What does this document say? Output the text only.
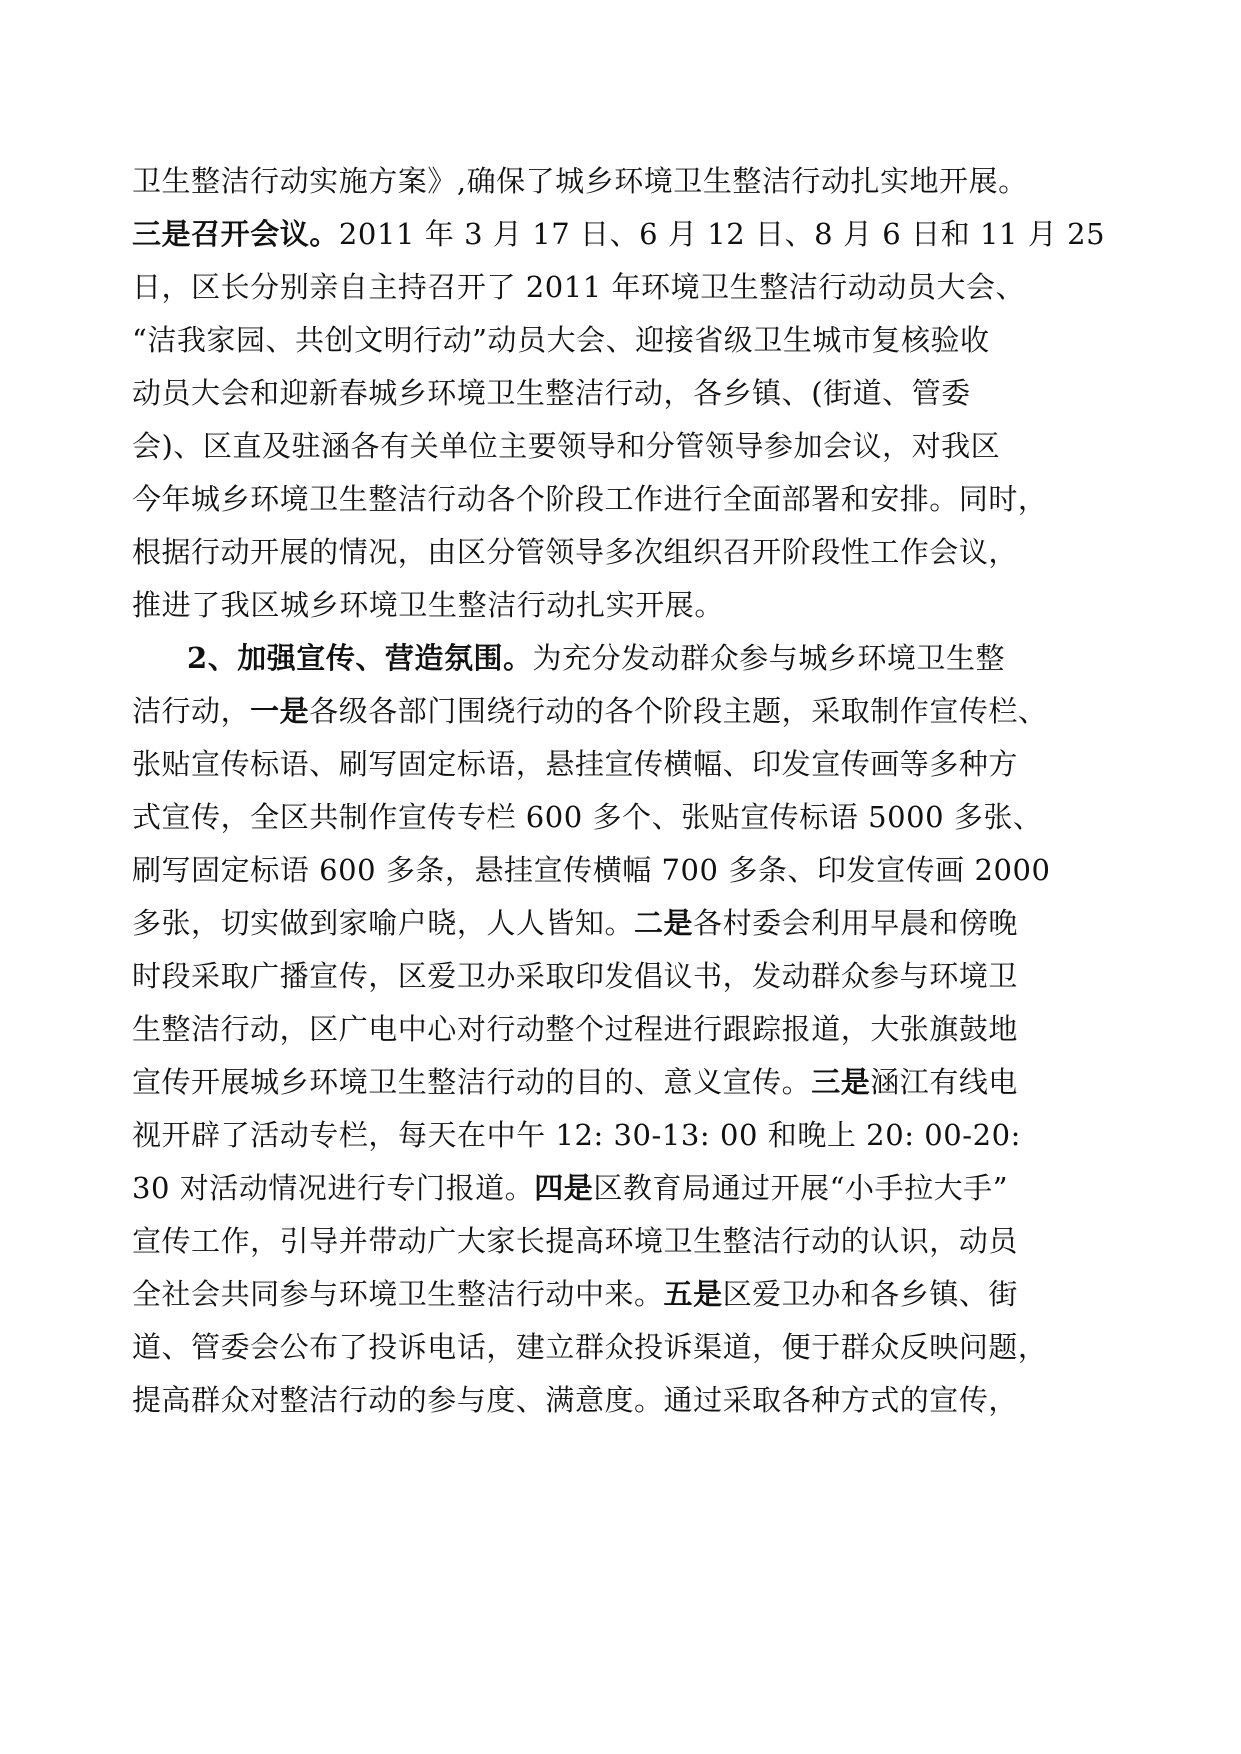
卫生整洁行动实施方案》,确保了城乡环境卫生整洁行动扎实地开展。
三是召开会议。2011 年 3 月 17 日、6 月 12 日、8 月 6 日和 11 月 25
日，区长分别亲自主持召开了 2011 年环境卫生整洁行动动员大会、
“洁我家园、共创文明行动”动员大会、迎接省级卫生城市复核验收
动员大会和迎新春城乡环境卫生整洁行动，各乡镇、(街道、管委
会)、区直及驻涵各有关单位主要领导和分管领导参加会议，对我区
今年城乡环境卫生整洁行动各个阶段工作进行全面部署和安排。同时，
根据行动开展的情况，由区分管领导多次组织召开阶段性工作会议，
推进了我区城乡环境卫生整洁行动扎实开展。
2、加强宣传、营造氛围。为充分发动群众参与城乡环境卫生整
洁行动，一是各级各部门围绕行动的各个阶段主题，采取制作宣传栏、
张贴宣传标语、刷写固定标语，悬挂宣传横幅、印发宣传画等多种方
式宣传，全区共制作宣传专栏 600 多个、张贴宣传标语 5000 多张、
刷写固定标语 600 多条，悬挂宣传横幅 700 多条、印发宣传画 2000
多张，切实做到家喻户晓，人人皆知。二是各村委会利用早晨和傍晚
时段采取广播宣传，区爱卫办采取印发倡议书，发动群众参与环境卫
生整洁行动，区广电中心对行动整个过程进行跟踪报道，大张旗鼓地
宣传开展城乡环境卫生整洁行动的目的、意义宣传。三是涵江有线电
视开辟了活动专栏，每天在中午 12: 30-13: 00 和晚上 20: 00-20:
30 对活动情况进行专门报道。四是区教育局通过开展“小手拉大手”
宣传工作，引导并带动广大家长提高环境卫生整洁行动的认识，动员
全社会共同参与环境卫生整洁行动中来。五是区爱卫办和各乡镇、街
道、管委会公布了投诉电话，建立群众投诉渠道，便于群众反映问题，
提高群众对整洁行动的参与度、满意度。通过采取各种方式的宣传，
